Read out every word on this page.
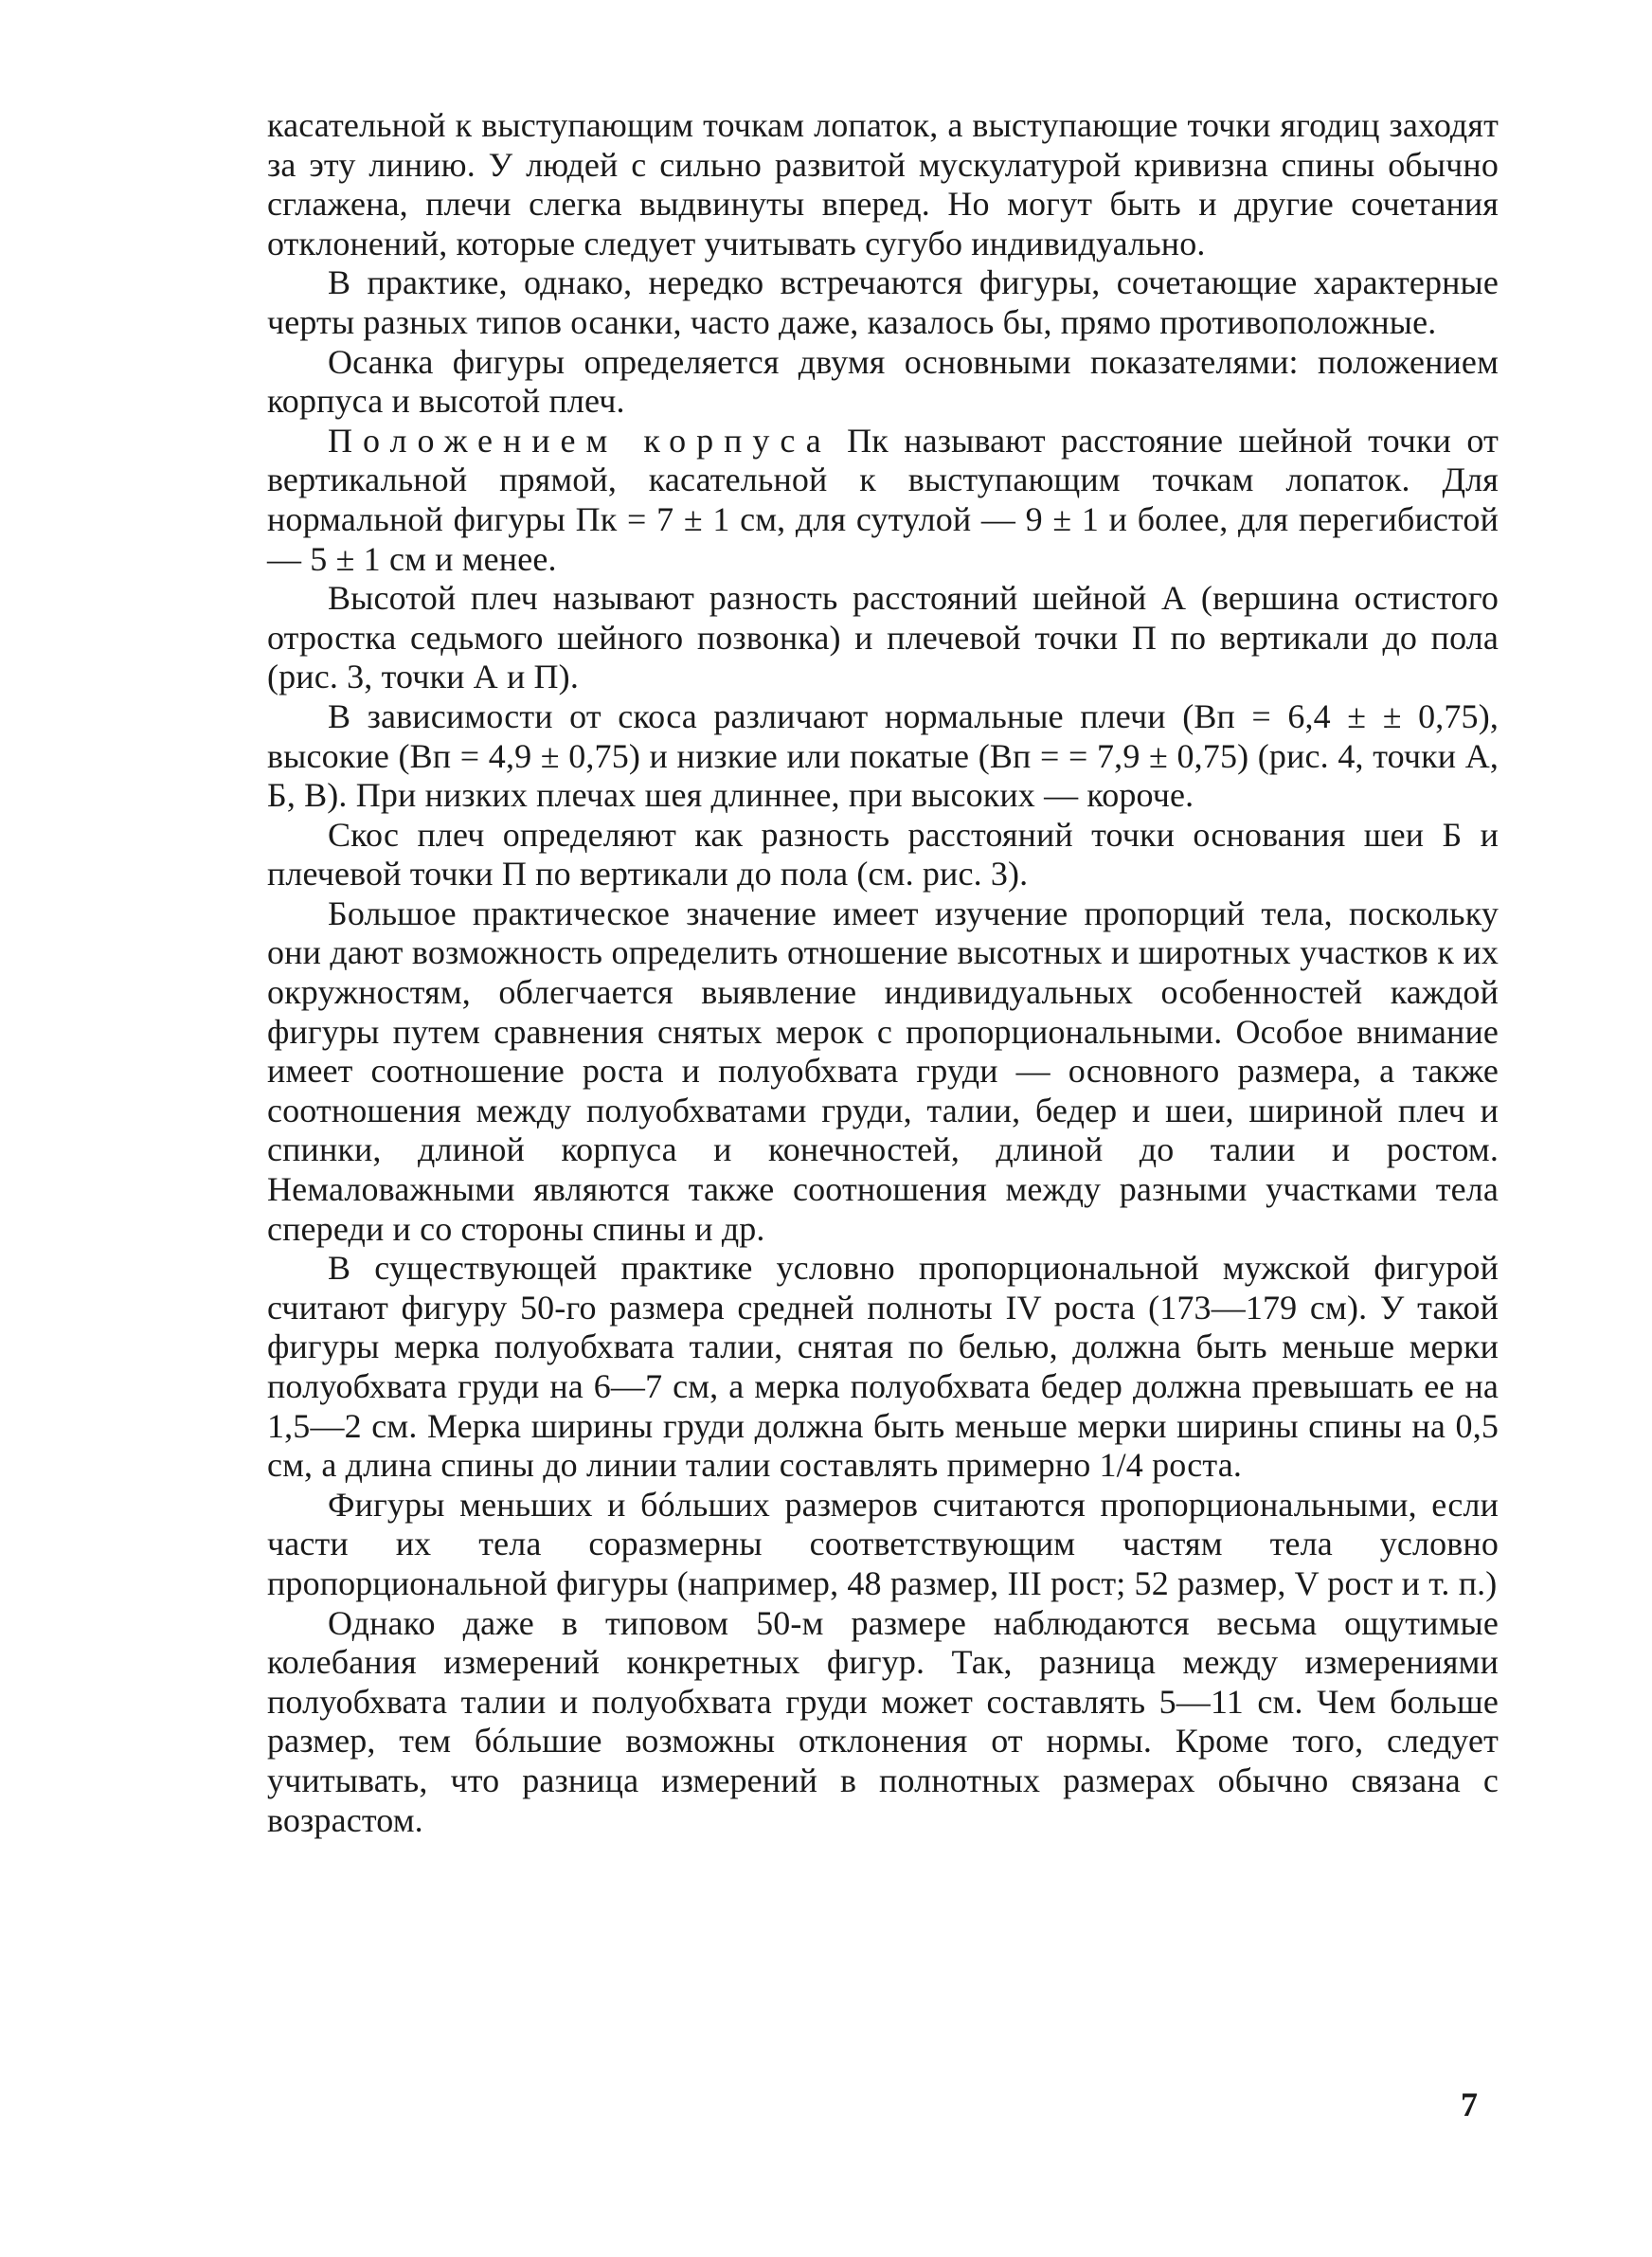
касательной к выступающим точкам лопаток, а выступающие точки ягодиц заходят за эту линию. У людей с сильно развитой мускулатурой кривизна спины обычно сглажена, плечи слегка выдвинуты вперед. Но могут быть и другие сочетания отклонений, которые следует учитывать сугубо индивидуально.

В практике, однако, нередко встречаются фигуры, сочетающие характерные черты разных типов осанки, часто даже, казалось бы, прямо противоположные.

Осанка фигуры определяется двумя основными показателями: положением корпуса и высотой плеч.

Положением корпуса Пк называют расстояние шейной точки от вертикальной прямой, касательной к выступающим точкам лопаток. Для нормальной фигуры Пк = 7 ± 1 см, для сутулой — 9 ± 1 и более, для перегибистой — 5 ± 1 см и менее.

Высотой плеч называют разность расстояний шейной А (вершина остистого отростка седьмого шейного позвонка) и плечевой точки П по вертикали до пола (рис. 3, точки А и П).

В зависимости от скоса различают нормальные плечи (Вп = 6,4 ± ± 0,75), высокие (Вп = 4,9 ± 0,75) и низкие или покатые (Вп = = 7,9 ± 0,75) (рис. 4, точки А, Б, В). При низких плечах шея длиннее, при высоких — короче.

Скос плеч определяют как разность расстояний точки основания шеи Б и плечевой точки П по вертикали до пола (см. рис. 3).

Большое практическое значение имеет изучение пропорций тела, поскольку они дают возможность определить отношение высотных и широтных участков к их окружностям, облегчается выявление индивидуальных особенностей каждой фигуры путем сравнения снятых мерок с пропорциональными. Особое внимание имеет соотношение роста и полуобхвата груди — основного размера, а также соотношения между полуобхватами груди, талии, бедер и шеи, шириной плеч и спинки, длиной корпуса и конечностей, длиной до талии и ростом. Немаловажными являются также соотношения между разными участками тела спереди и со стороны спины и др.

В существующей практике условно пропорциональной мужской фигурой считают фигуру 50-го размера средней полноты IV роста (173—179 см). У такой фигуры мерка полуобхвата талии, снятая по белью, должна быть меньше мерки полуобхвата груди на 6—7 см, а мерка полуобхвата бедер должна превышать ее на 1,5—2 см. Мерка ширины груди должна быть меньше мерки ширины спины на 0,5 см, а длина спины до линии талии составлять примерно 1/4 роста.

Фигуры меньших и бóльших размеров считаются пропорциональными, если части их тела соразмерны соответствующим частям тела условно пропорциональной фигуры (например, 48 размер, III рост; 52 размер, V рост и т. п.)

Однако даже в типовом 50-м размере наблюдаются весьма ощутимые колебания измерений конкретных фигур. Так, разница между измерениями полуобхвата талии и полуобхвата груди может составлять 5—11 см. Чем больше размер, тем бóльшие возможны отклонения от нормы. Кроме того, следует учитывать, что разница измерений в полнотных размерах обычно связана с возрастом.

7
